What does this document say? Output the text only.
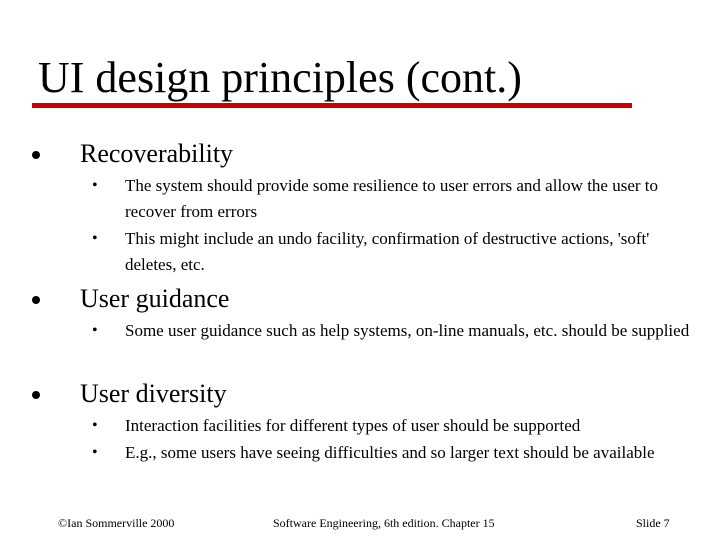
UI design principles (cont.)
Recoverability
• The system should provide some resilience to user errors and allow the user to recover from errors
• This might include an undo facility, confirmation of destructive actions, 'soft' deletes, etc.
User guidance
• Some user guidance such as help systems, on-line manuals, etc. should be supplied
User diversity
• Interaction facilities for different types of user should be supported
• E.g., some users have seeing difficulties and so larger text should be available
©Ian Sommerville 2000	Software Engineering, 6th edition. Chapter 15	Slide 7
